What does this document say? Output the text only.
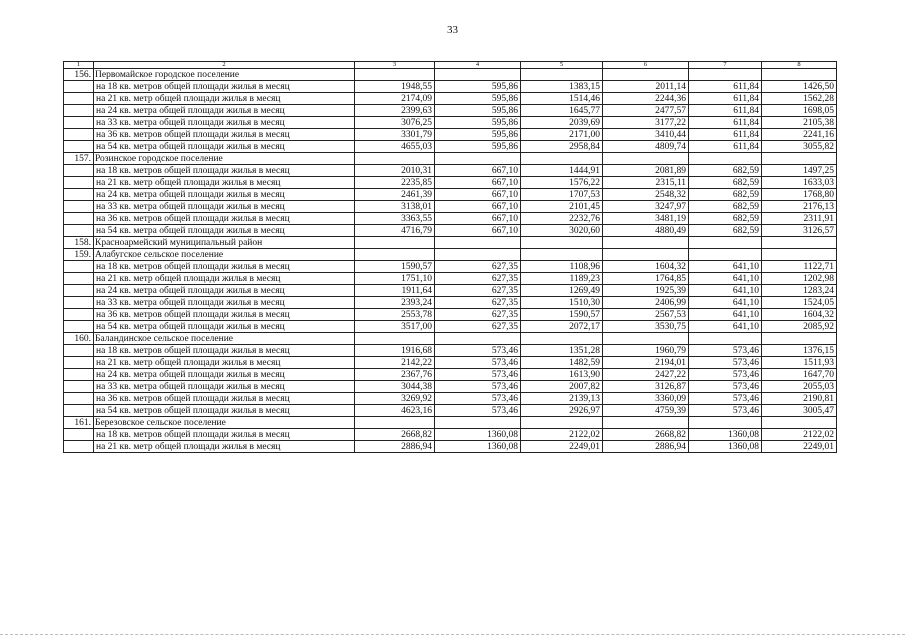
33
1	2	3	4	5	6	7	8
156.	Первомайское городское поселение						
	на 18 кв. метров общей площади жилья в месяц	1948,55	595,86	1383,15	2011,14	611,84	1426,50
	на 21 кв. метр общей площади жилья в месяц	2174,09	595,86	1514,46	2244,36	611,84	1562,28
	на 24 кв. метра общей площади жилья в месяц	2399,63	595,86	1645,77	2477,57	611,84	1698,05
	на 33 кв. метра общей площади жилья в месяц	3076,25	595,86	2039,69	3177,22	611,84	2105,38
	на 36 кв. метров общей площади жилья в месяц	3301,79	595,86	2171,00	3410,44	611,84	2241,16
	на 54 кв. метра общей площади жилья в месяц	4655,03	595,86	2958,84	4809,74	611,84	3055,82
157.	Розинское городское поселение						
	на 18 кв. метров общей площади жилья в месяц	2010,31	667,10	1444,91	2081,89	682,59	1497,25
	на 21 кв. метр общей площади жилья в месяц	2235,85	667,10	1576,22	2315,11	682,59	1633,03
	на 24 кв. метра общей площади жилья в месяц	2461,39	667,10	1707,53	2548,32	682,59	1768,80
	на 33 кв. метра общей площади жилья в месяц	3138,01	667,10	2101,45	3247,97	682,59	2176,13
	на 36 кв. метров общей площади жилья в месяц	3363,55	667,10	2232,76	3481,19	682,59	2311,91
	на 54 кв. метра общей площади жилья в месяц	4716,79	667,10	3020,60	4880,49	682,59	3126,57
158.	Красноармейский муниципальный район						
159.	Алабугское сельское поселение						
	на 18 кв. метров общей площади жилья в месяц	1590,57	627,35	1108,96	1604,32	641,10	1122,71
	на 21 кв. метр общей площади жилья в месяц	1751,10	627,35	1189,23	1764,85	641,10	1202,98
	на 24 кв. метра общей площади жилья в месяц	1911,64	627,35	1269,49	1925,39	641,10	1283,24
	на 33 кв. метра общей площади жилья в месяц	2393,24	627,35	1510,30	2406,99	641,10	1524,05
	на 36 кв. метров общей площади жилья в месяц	2553,78	627,35	1590,57	2567,53	641,10	1604,32
	на 54 кв. метра общей площади жилья в месяц	3517,00	627,35	2072,17	3530,75	641,10	2085,92
160.	Баландинское сельское поселение						
	на 18 кв. метров общей площади жилья в месяц	1916,68	573,46	1351,28	1960,79	573,46	1376,15
	на 21 кв. метр общей площади жилья в месяц	2142,22	573,46	1482,59	2194,01	573,46	1511,93
	на 24 кв. метра общей площади жилья в месяц	2367,76	573,46	1613,90	2427,22	573,46	1647,70
	на 33 кв. метра общей площади жилья в месяц	3044,38	573,46	2007,82	3126,87	573,46	2055,03
	на 36 кв. метров общей площади жилья в месяц	3269,92	573,46	2139,13	3360,09	573,46	2190,81
	на 54 кв. метров общей площади жилья в месяц	4623,16	573,46	2926,97	4759,39	573,46	3005,47
161.	Березовское сельское поселение						
	на 18 кв. метров общей площади жилья в месяц	2668,82	1360,08	2122,02	2668,82	1360,08	2122,02
	на 21 кв. метр общей площади жилья в месяц	2886,94	1360,08	2249,01	2886,94	1360,08	2249,01
